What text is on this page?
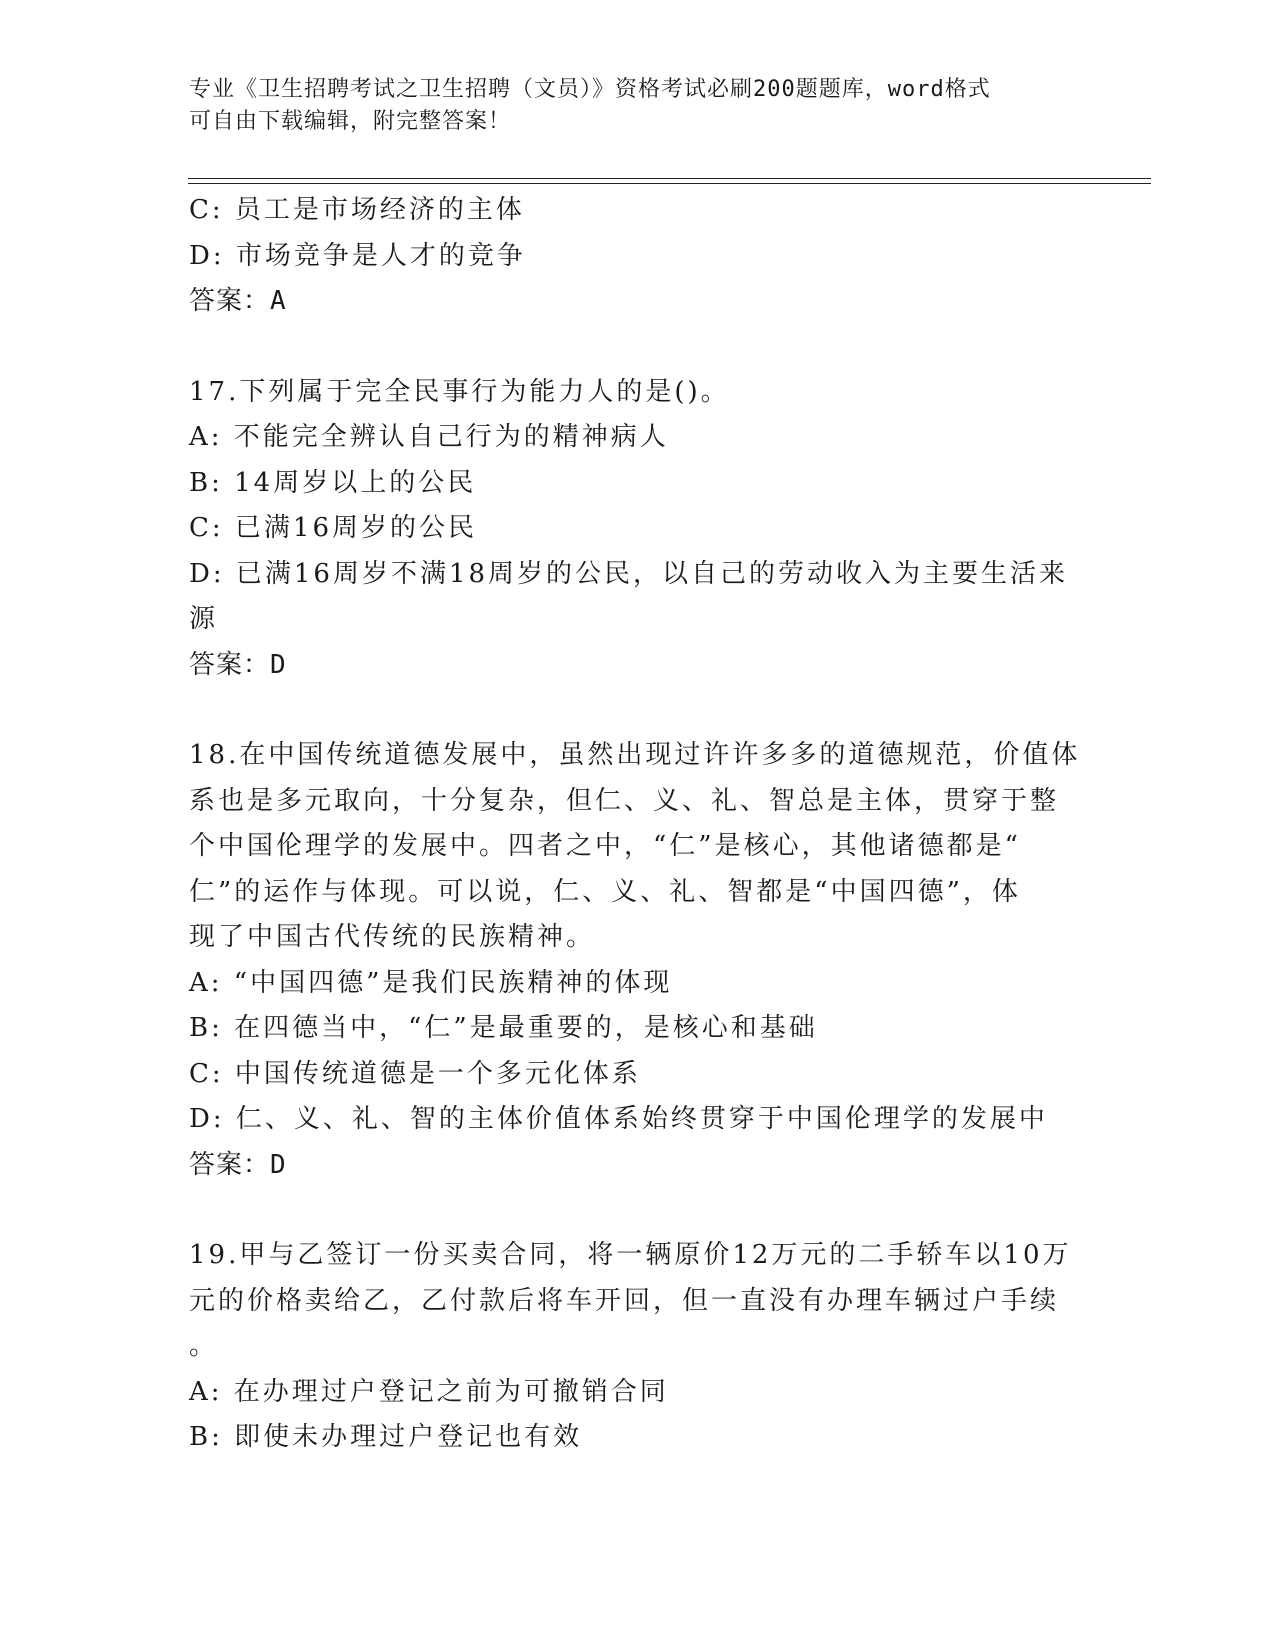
专业《卫生招聘考试之卫生招聘（文员）》资格考试必刷200题题库，word格式
可自由下载编辑，附完整答案！
C: 员工是市场经济的主体
D: 市场竞争是人才的竞争
答案：A
17.下列属于完全民事行为能力人的是()。
A: 不能完全辨认自己行为的精神病人
B: 14周岁以上的公民
C: 已满16周岁的公民
D: 已满16周岁不满18周岁的公民，以自己的劳动收入为主要生活来
源
答案：D
18.在中国传统道德发展中，虽然出现过许许多多的道德规范，价值体
系也是多元取向，十分复杂，但仁、义、礼、智总是主体，贯穿于整
个中国伦理学的发展中。四者之中，“仁”是核心，其他诸德都是“
仁”的运作与体现。可以说，仁、义、礼、智都是“中国四德”，体
现了中国古代传统的民族精神。
A: “中国四德”是我们民族精神的体现
B: 在四德当中，“仁”是最重要的，是核心和基础
C: 中国传统道德是一个多元化体系
D: 仁、义、礼、智的主体价值体系始终贯穿于中国伦理学的发展中
答案：D
19.甲与乙签订一份买卖合同，将一辆原价12万元的二手轿车以10万
元的价格卖给乙，乙付款后将车开回，但一直没有办理车辆过户手续
。
A: 在办理过户登记之前为可撤销合同
B: 即使未办理过户登记也有效
